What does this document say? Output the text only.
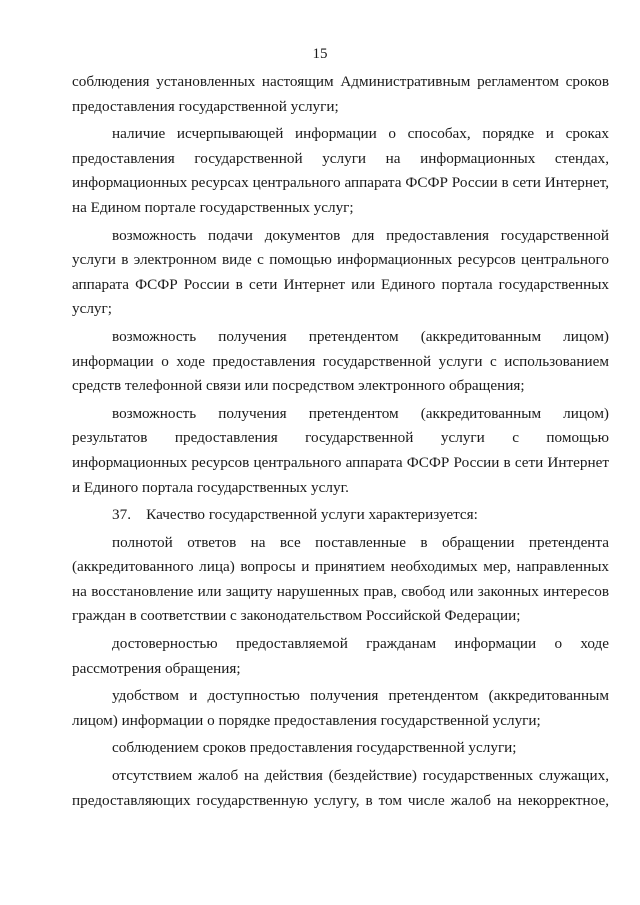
15

соблюдения установленных настоящим Административным регламентом сроков предоставления государственной услуги;

наличие исчерпывающей информации о способах, порядке и сроках предоставления государственной услуги на информационных стендах, информационных ресурсах центрального аппарата ФСФР России в сети Интернет, на Едином портале государственных услуг;

возможность подачи документов для предоставления государственной услуги в электронном виде с помощью информационных ресурсов центрального аппарата ФСФР России в сети Интернет или Единого портала государственных услуг;

возможность получения претендентом (аккредитованным лицом) информации о ходе предоставления государственной услуги с использованием средств телефонной связи или посредством электронного обращения;

возможность получения претендентом (аккредитованным лицом) результатов предоставления государственной услуги с помощью информационных ресурсов центрального аппарата ФСФР России в сети Интернет и Единого портала государственных услуг.

37.    Качество государственной услуги характеризуется:

полнотой ответов на все поставленные в обращении претендента (аккредитованного лица) вопросы и принятием необходимых мер, направленных на восстановление или защиту нарушенных прав, свобод или законных интересов граждан в соответствии с законодательством Российской Федерации;

достоверностью предоставляемой гражданам информации о ходе рассмотрения обращения;

удобством и доступностью получения претендентом (аккредитованным лицом) информации о порядке предоставления государственной услуги;

соблюдением сроков предоставления государственной услуги;

отсутствием жалоб на действия (бездействие) государственных служащих, предоставляющих государственную услугу, в том числе жалоб на некорректное,
